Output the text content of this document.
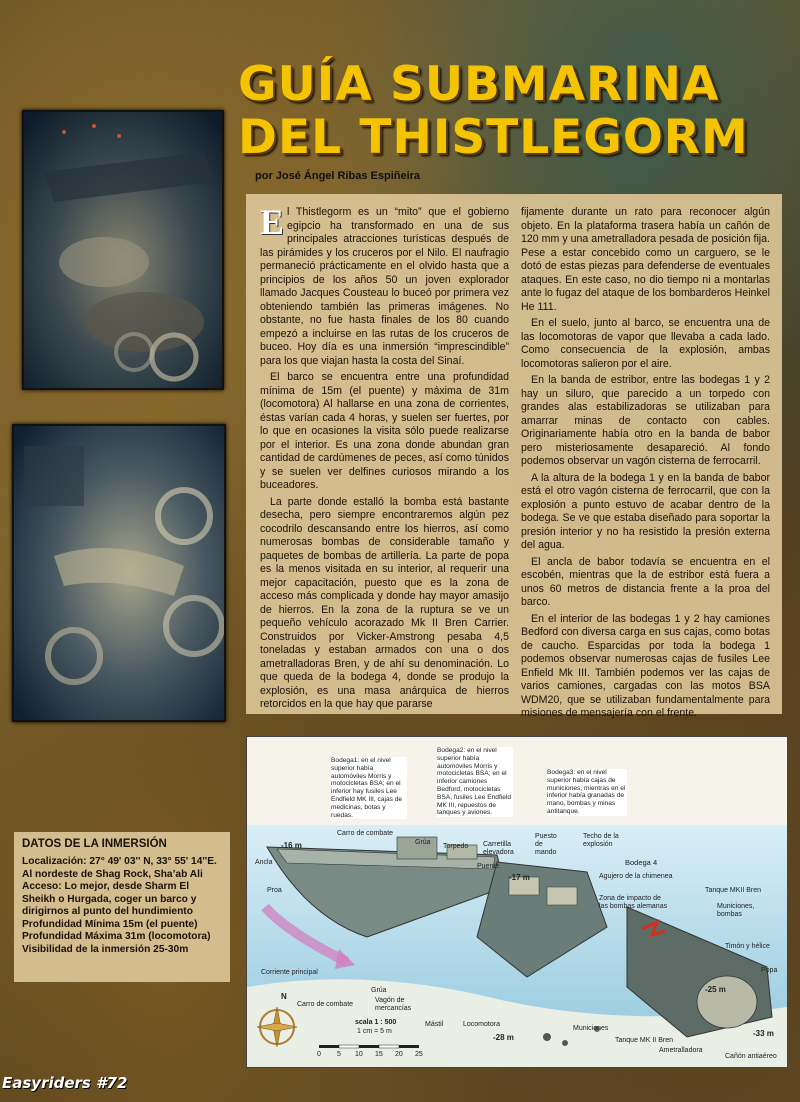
GUÍA SUBMARINA
DEL THISTLEGORM
por José Ángel Ribas Espiñeira

El Thistlegorm es un “mito” que el gobierno egipcio ha transformado en una de sus principales atracciones turísticas después de las pirámides y los cruceros por el Nilo. El naufragio permaneció prácticamente en el olvido hasta que a principios de los años 50 un joven explorador llamado Jacques Cousteau lo buceó por primera vez obteniendo también las primeras imágenes. No obstante, no fue hasta finales de los 80 cuando empezó a incluirse en las rutas de los cruceros de buceo. Hoy día es una inmersión “imprescindible” para los que viajan hasta la costa del Sinaí.

El barco se encuentra entre una profundidad mínima de 15m (el puente) y máxima de 31m (locomotora) Al hallarse en una zona de corrientes, éstas varían cada 4 horas, y suelen ser fuertes, por lo que en ocasiones la visita sólo puede realizarse por el interior. Es una zona donde abundan gran cantidad de cardúmenes de peces, así como túnidos y se suelen ver delfines curiosos mirando a los buceadores.

La parte donde estalló la bomba está bastante desecha, pero siempre encontraremos algún pez cocodrilo descansando entre los hierros, así como numerosas bombas de considerable tamaño y paquetes de bombas de artillería. La parte de popa es la menos visitada en su interior, al requerir una mejor capacitación, puesto que es la zona de acceso más complicada y donde hay mayor amasijo de hierros. En la zona de la ruptura se ve un pequeño vehículo acorazado Mk II Bren Carrier. Construidos por Vicker-Amstrong pesaba 4,5 toneladas y estaban armados con una o dos ametralladoras Bren, y de ahí su denominación. Lo que queda de la bodega 4, donde se produjo la explosión, es una masa anárquica de hierros retorcidos en la que hay que pararse

fijamente durante un rato para reconocer algún objeto. En la plataforma trasera había un cañón de 120 mm y una ametralladora pesada de posición fija. Pese a estar concebido como un carguero, se le dotó de estas piezas para defenderse de eventuales ataques. En este caso, no dio tiempo ni a montarlas ante lo fugaz del ataque de los bombarderos Heinkel He 111.

En el suelo, junto al barco, se encuentra una de las locomotoras de vapor que llevaba a cada lado. Como consecuencia de la explosión, ambas locomotoras salieron por el aire.

En la banda de estribor, entre las bodegas 1 y 2 hay un siluro, que parecido a un torpedo con grandes alas estabilizadoras se utilizaban para amarrar minas de contacto con cables. Originariamente había otro en la banda de babor pero misteriosamente desapareció. Al fondo podemos observar un vagón cisterna de ferrocarril.

A la altura de la bodega 1 y en la banda de babor está el otro vagón cisterna de ferrocarril, que con la explosión a punto estuvo de acabar dentro de la bodega. Se ve que estaba diseñado para soportar la presión interior y no ha resistido la presión externa del agua.

El ancla de babor todavía se encuentra en el escobén, mientras que la de estribor está fuera a unos 60 metros de distancia frente a la proa del barco.

En el interior de las bodegas 1 y 2 hay camiones Bedford con diversa carga en sus cajas, como botas de caucho. Esparcidas por toda la bodega 1 podemos observar numerosas cajas de fusiles Lee Enfield Mk III. También podemos ver las cajas de varios camiones, cargadas con las motos BSA WDM20, que se utilizaban fundamentalmente para misiones de mensajería con el frente.

DATOS DE LA INMERSIÓN
Localización: 27° 49' 03'' N, 33° 55' 14''E.
Al nordeste de Shag Rock, Sha’ab Ali
Acceso: Lo mejor, desde Sharm El Sheikh o Hurgada, coger un barco y dirigirnos al punto del hundimiento
Profundidad Mínima 15m (el puente)
Profundidad Máxima 31m (locomotora)
Visibilidad de la inmersión 25-30m
Bodega1: en el nivel superior había automóviles Morris y motocicletas BSA; en el inferior hay fusiles Lee Endfield MK III, cajas de medicinas, botas y ruedas.
Bodega2: en el nivel superior había automóviles Morris y motocicletas BSA; en el inferior camiones Bedford, motocicletas BSA, fusiles Lee Endfield MK III, repuestos de tanques y aviones.
Bodega3: en el nivel superior había cajas de municiones, mientras en el inferior había granadas de mano, bombas y minas antitanque.
Carro de combate
Grúa
Torpedo Carretilla elevadora
Puente
Puesto de mando
Techo de la explosión
Bodega 4
Ancla
Proa
Agujero de la chimenea
Zona de impacto de las bombas alemanas
Tanque MKII Bren
Municiones, bombas
Timón y hélice
Popa
Corriente principal
Carro de combate
Grúa
Vagón de mercancías
Mástil	Locomotora
Municiones
Tanque MK II Bren
Ametralladora
Cañón antiaéreo
scala 1 : 500
1 cm = 5 m
N
0 5 10 15 20 25
-16 m
-17 m
-25 m
-28 m	-33 m
Easyriders #72
